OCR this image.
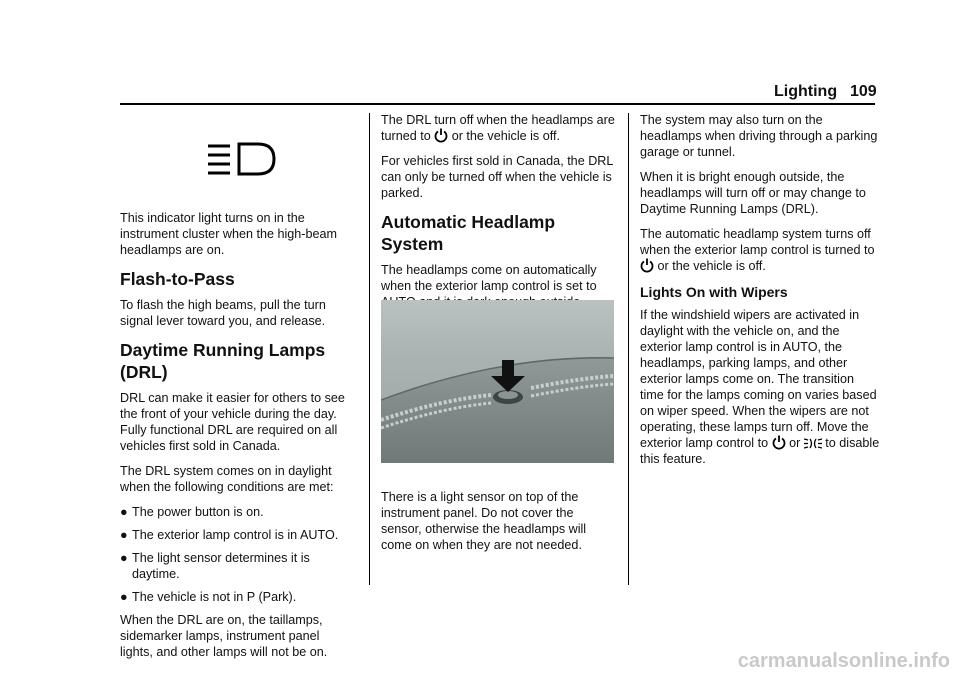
Lighting 109

This indicator light turns on in the instrument cluster when the high-beam headlamps are on.

Flash-to-Pass

To flash the high beams, pull the turn signal lever toward you, and release.

Daytime Running Lamps (DRL)

DRL can make it easier for others to see the front of your vehicle during the day. Fully functional DRL are required on all vehicles first sold in Canada.

The DRL system comes on in daylight when the following conditions are met:

● The power button is on.
● The exterior lamp control is in AUTO.
● The light sensor determines it is daytime.
● The vehicle is not in P (Park).

When the DRL are on, the taillamps, sidemarker lamps, instrument panel lights, and other lamps will not be on.

The DRL turn off when the headlamps are turned to or the vehicle is off.

For vehicles first sold in Canada, the DRL can only be turned off when the vehicle is parked.

Automatic Headlamp System

The headlamps come on automatically when the exterior lamp control is set to

There is a light sensor on top of the instrument panel. Do not cover the sensor, otherwise the headlamps will come on when they are not needed.

The system may also turn on the headlamps when driving through a parking garage or tunnel.

When it is bright enough outside, the headlamps will turn off or may change to Daytime Running Lamps (DRL).

The automatic headlamp system turns off when the exterior lamp control is turned to
or the vehicle is off.

Lights On with Wipers

If the windshield wipers are activated in daylight with the vehicle on, and the exterior lamp control is in AUTO, the headlamps, parking lamps, and other exterior lamps come on. The transition time for the lamps coming on varies based on wiper speed. When the wipers are not operating, these lamps turn off. Move the exterior lamp control to or to disable this feature.

carmanualsonline.info
